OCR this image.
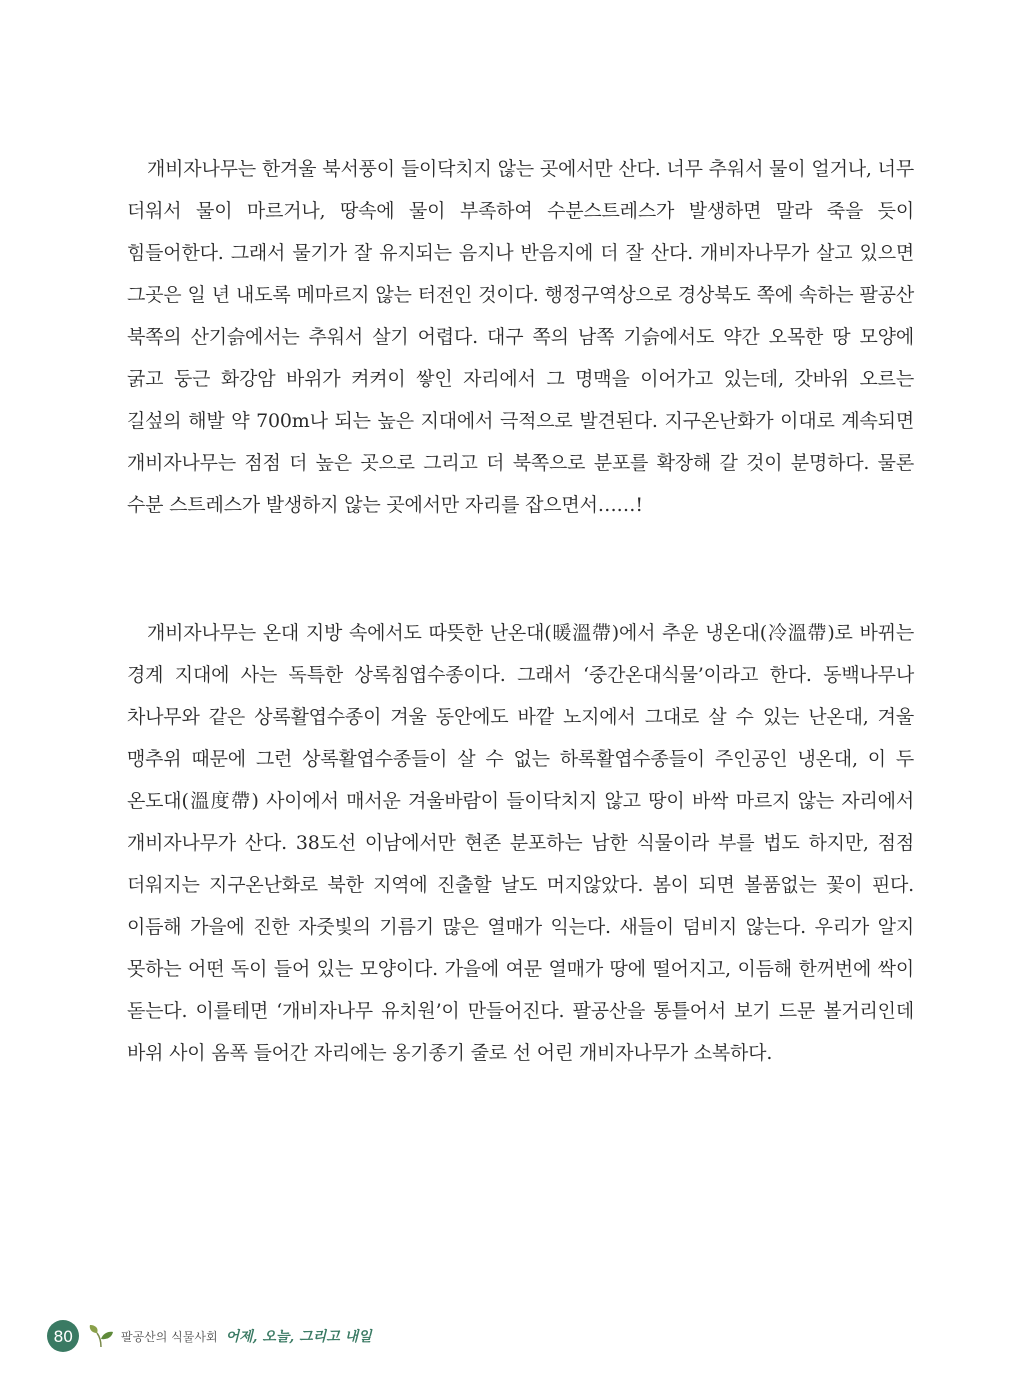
개비자나무는 한겨울 북서풍이 들이닥치지 않는 곳에서만 산다. 너무 추워서 물이 얼거나, 너무 더워서 물이 마르거나, 땅속에 물이 부족하여 수분스트레스가 발생하면 말라 죽을 듯이 힘들어한다. 그래서 물기가 잘 유지되는 음지나 반음지에 더 잘 산다. 개비자나무가 살고 있으면 그곳은 일 년 내도록 메마르지 않는 터전인 것이다. 행정구역상으로 경상북도 쪽에 속하는 팔공산 북쪽의 산기슭에서는 추워서 살기 어렵다. 대구 쪽의 남쪽 기슭에서도 약간 오목한 땅 모양에 굵고 둥근 화강암 바위가 켜켜이 쌓인 자리에서 그 명맥을 이어가고 있는데, 갓바위 오르는 길섶의 해발 약 700m나 되는 높은 지대에서 극적으로 발견된다. 지구온난화가 이대로 계속되면 개비자나무는 점점 더 높은 곳으로 그리고 더 북쪽으로 분포를 확장해 갈 것이 분명하다. 물론 수분 스트레스가 발생하지 않는 곳에서만 자리를 잡으면서……!

개비자나무는 온대 지방 속에서도 따뜻한 난온대(暖溫帶)에서 추운 냉온대(冷溫帶)로 바뀌는 경계 지대에 사는 독특한 상록침엽수종이다. 그래서 ‘중간온대식물’이라고 한다. 동백나무나 차나무와 같은 상록활엽수종이 겨울 동안에도 바깥 노지에서 그대로 살 수 있는 난온대, 겨울 맹추위 때문에 그런 상록활엽수종들이 살 수 없는 하록활엽수종들이 주인공인 냉온대, 이 두 온도대(溫度帶) 사이에서 매서운 겨울바람이 들이닥치지 않고 땅이 바싹 마르지 않는 자리에서 개비자나무가 산다. 38도선 이남에서만 현존 분포하는 남한 식물이라 부를 법도 하지만, 점점 더워지는 지구온난화로 북한 지역에 진출할 날도 머지않았다. 봄이 되면 볼품없는 꽃이 핀다. 이듬해 가을에 진한 자줏빛의 기름기 많은 열매가 익는다. 새들이 덤비지 않는다. 우리가 알지 못하는 어떤 독이 들어 있는 모양이다. 가을에 여문 열매가 땅에 떨어지고, 이듬해 한꺼번에 싹이 돋는다. 이를테면 ‘개비자나무 유치원’이 만들어진다. 팔공산을 통틀어서 보기 드문 볼거리인데 바위 사이 옴폭 들어간 자리에는 옹기종기 줄로 선 어린 개비자나무가 소복하다.

80	팔공산의 식물사회 어제, 오늘, 그리고 내일
